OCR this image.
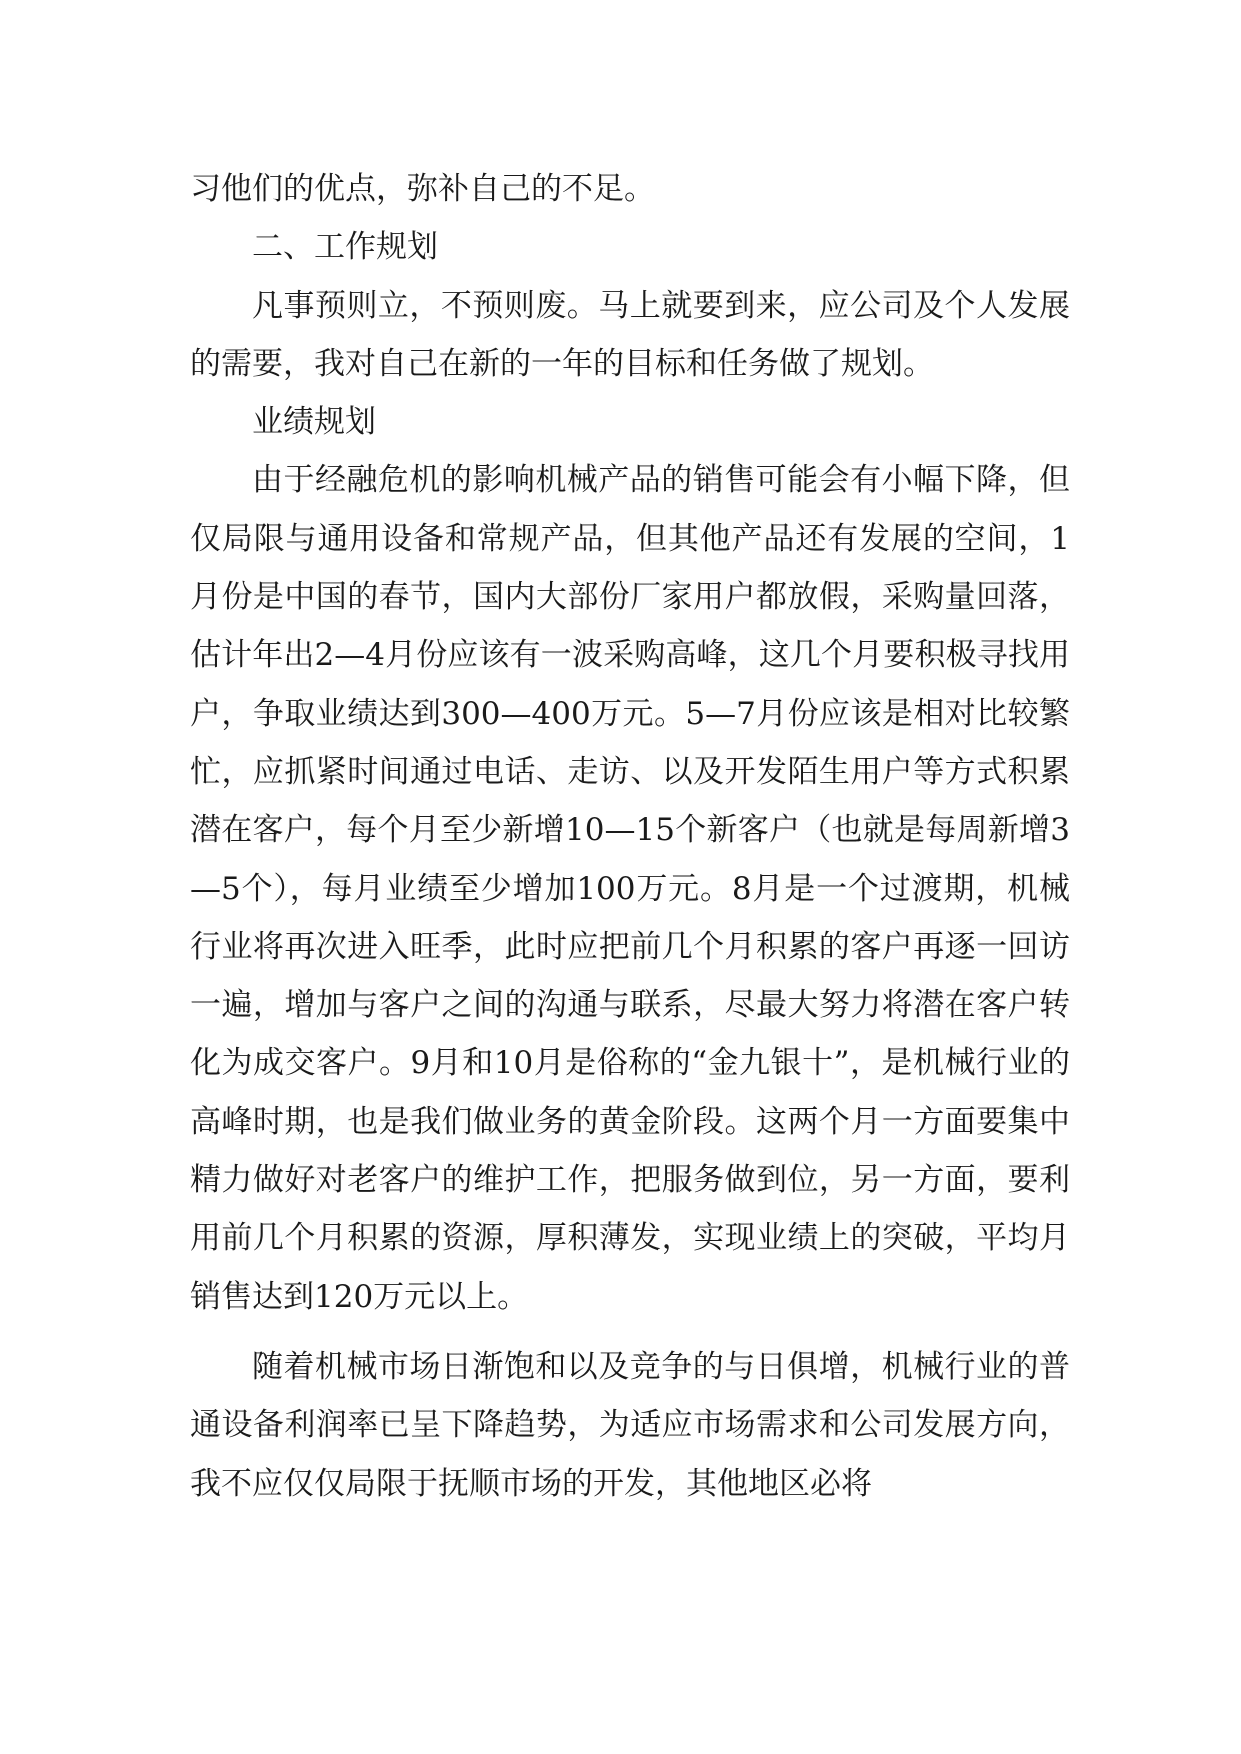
习他们的优点，弥补自己的不足。

二、工作规划

凡事预则立，不预则废。马上就要到来，应公司及个人发展的需要，我对自己在新的一年的目标和任务做了规划。

业绩规划

由于经融危机的影响机械产品的销售可能会有小幅下降，但仅局限与通用设备和常规产品，但其他产品还有发展的空间，1月份是中国的春节，国内大部份厂家用户都放假，采购量回落，估计年出2—4月份应该有一波采购高峰，这几个月要积极寻找用户，争取业绩达到300—400万元。5—7月份应该是相对比较繁忙，应抓紧时间通过电话、走访、以及开发陌生用户等方式积累潜在客户，每个月至少新增10—15个新客户（也就是每周新增3—5个），每月业绩至少增加100万元。8月是一个过渡期，机械行业将再次进入旺季，此时应把前几个月积累的客户再逐一回访一遍，增加与客户之间的沟通与联系，尽最大努力将潜在客户转化为成交客户。9月和10月是俗称的“金九银十”，是机械行业的高峰时期，也是我们做业务的黄金阶段。这两个月一方面要集中精力做好对老客户的维护工作，把服务做到位，另一方面，要利用前几个月积累的资源，厚积薄发，实现业绩上的突破，平均月销售达到120万元以上。

随着机械市场日渐饱和以及竞争的与日俱增，机械行业的普通设备利润率已呈下降趋势，为适应市场需求和公司发展方向，我不应仅仅局限于抚顺市场的开发，其他地区必将
